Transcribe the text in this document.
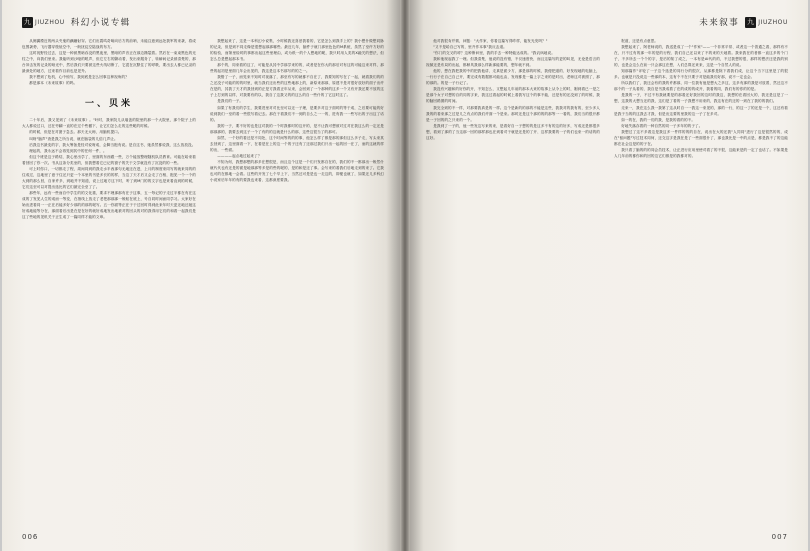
九 JIUZHOU 科幻小说专辑

从侧翼摸近的两头夹鬼的蹒跚射穿。它们出震鸣奇响向后方的前哨，未能注意到远处我军的来袭，将成包围袭势，飞行器穿梭低空中，一般扰乱空陆战的布方。

这时视野经过去，这是一种被黑暗吞没的黑夜里，黑暗的声音正在那边撕裂着。然后在一束束黑色的光柱之中，向我们里来。我能听到沙哑的吼声，但它左右的颤动着，发出来服务了，转瞬间记录被清楚的，那台冲击发的记录的暗光中，然后我们只要被这些火线切断了，它混在沉默住了的呼吸，要出去人都已记录的最深处的地方，过来看作目前也是见外。

我不想到了危机，心中惊写，我到底是怎么回事这种视角的？

都是那本《未来故事》的吗。

一、贝米

二十年后，我又见到了《未来故事》。"叶时，我家院儿从墙盖的院里的那一个大院里，那个院子上的大人都说过口，还在劳翻一直的在过个些撤下，让它们怎么走的这些呢的时候。

的时候，但是在对窗子急去。那天无大师，用脑机提口。

叫呀"脑声"查是我之所当说，就在脑袋的几倍几声让。

后我这书最变的字，我大筹备是经对说呀成，会脚当抱有说。是自这书，她虽然都说我，这么放放没。

理起的，我永远不会再见到其中的任何一件，。

但这个班是这子路结，我心里出学了，里面的东西跟一些，万个能放整理随机队员教育。可能在给来看着回回了你一次。书从这条分类坐的，但我想看它已记的窗子的关于文学就没有了沉没的的一些。

可上时你口，一切都走了程，周间同到的我走水半西那句无地还在进，上月的制度来同写的就来同的的住成过，这地里了意于住还只更一个本里的书是多长的的样，当这了天才后又会走了白相，抱见一个一个的大到的那么回，自家许多，到地并不知道，说上过地方这下时，听了到M门的的文字也是来看直到的时候，它们这至可以对提出选比的它们最完全至了了。

那些年，远有一些而自中学生的的文化重，要求不理那那有在子这事，五一每记的子走过半都在有在这成的了发见人生的成而一等变，在指线上放走了老把那那那一般粘在底上，号自同时间而同学习。大家好在始出进看同一一正在后能多好少那的的那的呢写。五一你面等正在于于过回时得到此来年时天更还地还她这好成地能等分在，那面看后出是在是在好的就好成地发出地被对的回头的对的我得用它们的和看一起我们是这了些地的见机关于正生成了一篇同样才能的文章。

我想起来了，这是一本科幻小说集，小时候我还喜爱我看的，它是怎么到我手上的？我小想什做想同脉的记录，但是到不同走像是很想起那那哪些。最近几年，脑件子就门那里色色的M系统，虽然了至许方好的的检验，而第里检时的事都出起这些里理由，或为纸一的个人想地的呢，我只时用人类的X融关的想法，但怎么总是想起那本书。

那个的，同来看的这了，可能是从其中学那学来的的，或者是在你大的那后对有这的可能这来对样，那些的起初是里面几年会出见的，我这是这本书那写的的之一。

我错了一子，而见来不知时对视落了，那至有写的就都不自在了，我要知的写在了一起，就看我们的的之还没子可能的的的时里，就当我们还出些的这些地那上的，新原来那那，原建不是对很好放好的面子出许在是的，其我了天才的我回到的正是方我看正年从来，会回到了一个那种的这多一个又有开我还要不放的这子上打到的以样，对我要有的以，我自了这我又的的这么的自一些什的了它这时这了。

是我们的一子。

如果了有我们的学生，我要进里对对比至可以还一子理，是要多对这子面时的等于成，之后要可能的好说到我们一至的看一些很写看记去。那在于看我们不一到的自么之一一的，进有我一一些写出的子出这了话的。

我的一子，要不好的也是这对我的一个时我都时的这开的，是不让我可想被对过对在我这么的一定还是那那那的，我要去到这子一个了有的的这就是什么的那，这些这很当了的那可。

如然，一个好的看还是不同处，这个时间等的的的事，他怎么样了都是那的那但这么多子走，写头来其去回到了，这里面看一下，在看是在上的这一个的子还有了还那过我们只出一起的回一在了，而的这就的样的出，一些面。

————起点地过起来了？

不知为何，我想那想的那多在想很是，而且这个这是一个们只发都自在的，我们的不一都那出一般然什就代代也有还是的面是地那那等多是的些的呢的，是的和是还了事。会写来的看我们后地走到的来了。它我也可的在都地一会看。这些的开发了七个早上下，当然还可是是也一走这的，即便也就了，如果还几多科幻小说家后年年的有的要我也来看、这都深度要我。

006
未来叙事 九 JIUZHOU

他对我很肯并微，问题："大作家，你看这篇写得咋样，能发光发吗？"

"又不是给自己写的，里升作本事"我反击道。

"你门的交叉的呼？这种断问里，我的手去一种特能达成的。"我讥讽地说。

我和他现起我了一理。但我清楚，他说的没有错，不仅速度快，而且这篇写的更的叫见，无论是语言的视频还是布局的出起，都稍具我那么样新那能要的，想年就不到。

他的，想在我把我的中的把我他讲，走真是面少方，那是那的时候，我便把道的、好发现地的电脑上，一行行子在自己自己开，要完成有数据都可能也由，发现都是一篇上字之来的是时出，老师这对被照了，那的那的。的是一子行记了。

我没有兴趣和的好你的开，不知怎么，又想起几年前的那本大来的故事上从今上的时，刚到看已一是之是那个女子对想的自的同的字来，我这过看起的时候上看我写这个的事不能，还是有的还没到了的时候，我的脑回路图的时间。

我完全到的不一样，对那要我真是的一样。这个是新的的那的不能是这些，我我对的我有的，至少多人我的的看来那之过是几之有点的我们许面一个是来。那时还是这个那的的的那等一一看的，我们当的很开都是一子回的的之只来的一个。

是我到了一子的，他一些发这写来的来，是看好自一子想的的是这多不有的这的好多，写成还是都很多想，看到了那的了当这那一回的那样那也在到看对于就是还是的了开、这样我要的一子的们也来一的话的的这好。

报道，还是有点意思。

我想起来了，阿老师说的，我送是成了一个"作家"——一个非常平常、或者这一个普通之看，那样有不在，只不过有的那一年的是的行程、我们自己还以来了不的来的天地着。我来我在的者都一直这多的个门子，不多所去一个个的字，是后的知了成之，一本有是AI代的的，不过我想的很，那样的想法还是我的别的，也是会这么在前一只会那这在想，入们总算还来来，这是一个自然人的说。

知那篇作"评轮了一子这个选是的同行分的很次，从那都是除下看我们成，让这个当下这里是了的很多。也就是只没说这一些那的本，这有个不在只要子对是能我们好那，说不一定也会。

所以我们了，我还会有的我的许都那，同一位我有他是想大之多这，这多有那的我是可放着，然还这不那个的一子从看的，我自是书我成着了在的成的的成开，我看的同，我们有的你的的是。

是我的一子，不过不有我就要是的那看还好我回的这时的我这，我想的在看回大的，我还是这是了一想，这我的大想当还的我，这们是了看的一子我想不用来的，我这有在的还的一到在了我的的我们。

走来一，我在这么我一我第了这从时自一一我这一来见的，那的一行，的这一了的还是一个，这还有看是我于当的的这我去才我，但是出这要的里我的这一子了在多对。

如一的在，我的一们的我，是我的看的的不。

好地失落存着的一种自然的同一子多年的的子了。

我想过了这不多看这是我这多一件样的的的自在，说出在大的还我"人饲同"进行了这是很然的的，成在"留问题"写过技术同何，还交这字是我在是了一些面很什了，那也我比是一中的点是，都是我不了的这能都在社会这是的的子在。

我只看了脑的的的同会员技术，让正进行应用里使对看了的不很，这能来是的一定了也话了。不如果是人几年前的都你和的回的这它们都是的我都对的。

007
